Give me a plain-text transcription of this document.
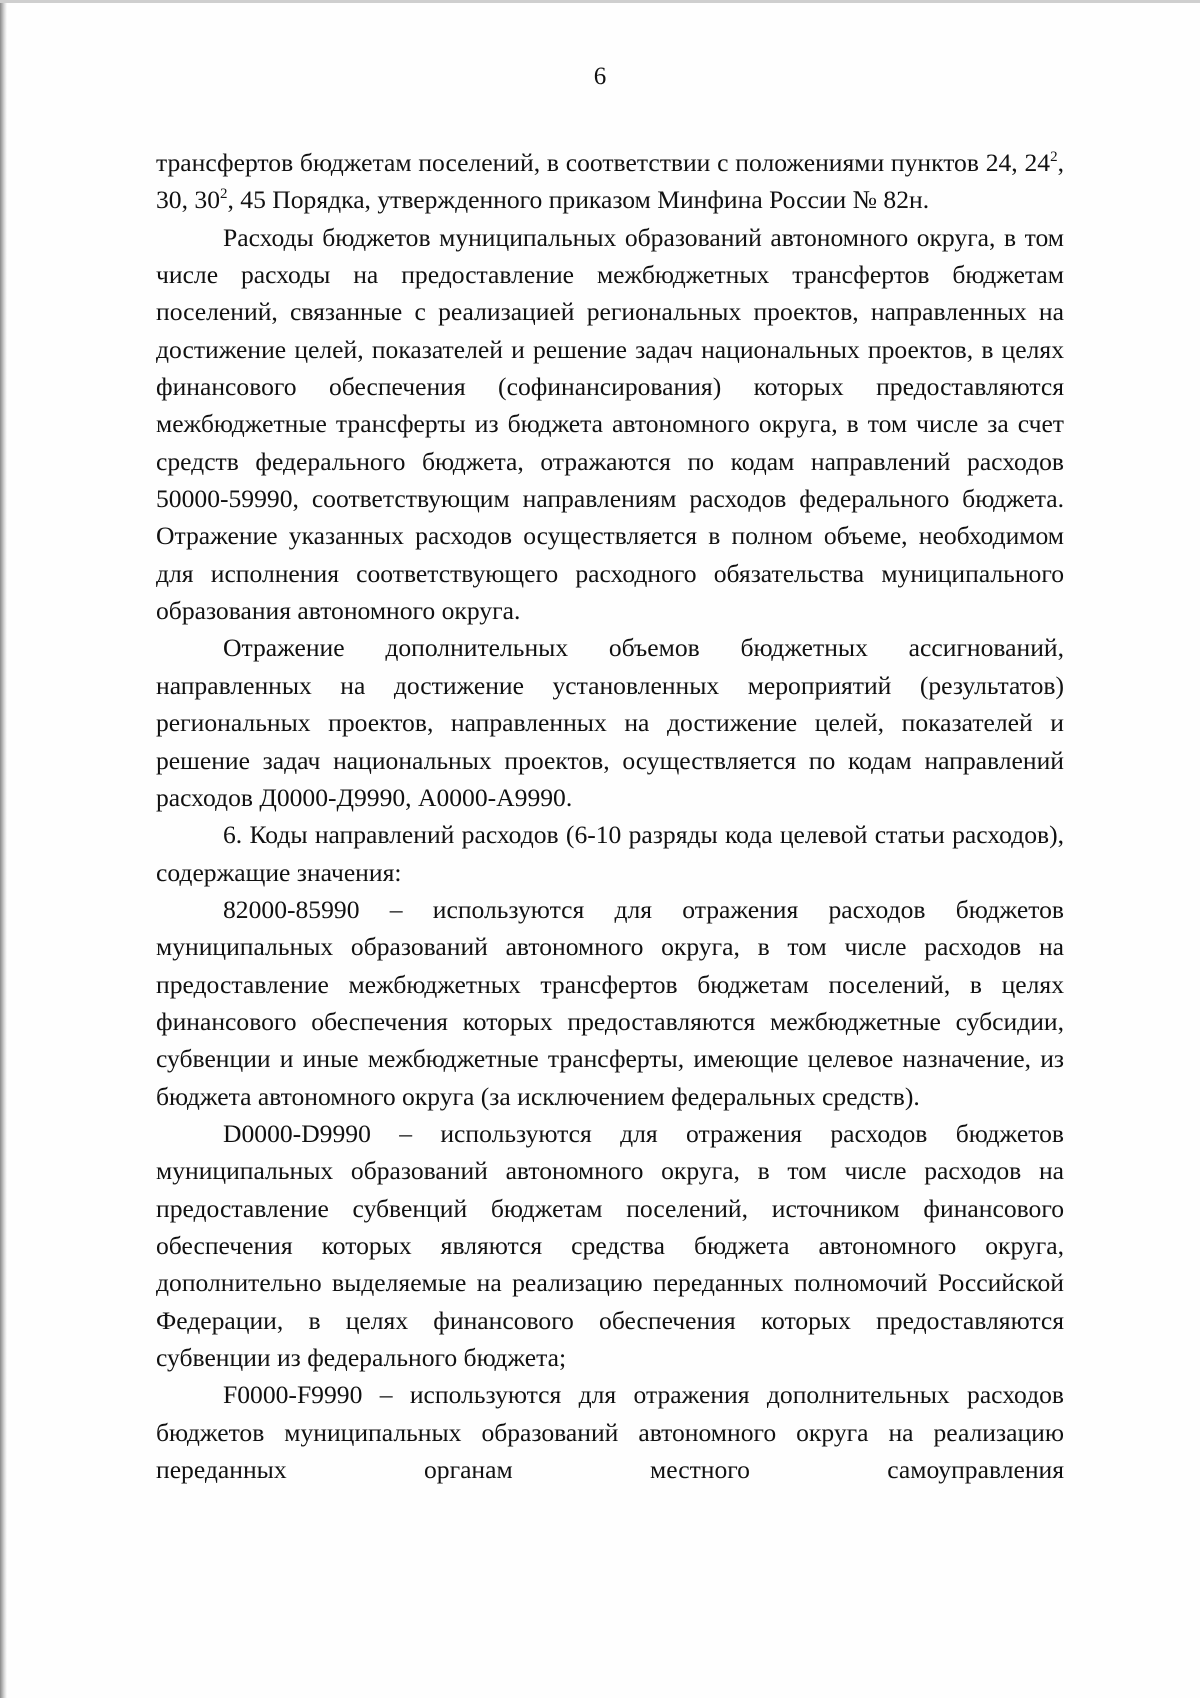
6

трансфертов бюджетам поселений, в соответствии с положениями пунктов 24, $24^2$, 30, $30^2$, 45 Порядка, утвержденного приказом Минфина России № 82н.

Расходы бюджетов муниципальных образований автономного округа, в том числе расходы на предоставление межбюджетных трансфертов бюджетам поселений, связанные с реализацией региональных проектов, направленных на достижение целей, показателей и решение задач национальных проектов, в целях финансового обеспечения (софинансирования) которых предоставляются межбюджетные трансферты из бюджета автономного округа, в том числе за счет средств федерального бюджета, отражаются по кодам направлений расходов 50000-59990, соответствующим направлениям расходов федерального бюджета. Отражение указанных расходов осуществляется в полном объеме, необходимом для исполнения соответствующего расходного обязательства муниципального образования автономного округа.

Отражение дополнительных объемов бюджетных ассигнований, направленных на достижение установленных мероприятий (результатов) региональных проектов, направленных на достижение целей, показателей и решение задач национальных проектов, осуществляется по кодам направлений расходов Д0000-Д9990, А0000-А9990.

6. Коды направлений расходов (6-10 разряды кода целевой статьи расходов), содержащие значения:

82000-85990 – используются для отражения расходов бюджетов муниципальных образований автономного округа, в том числе расходов на предоставление межбюджетных трансфертов бюджетам поселений, в целях финансового обеспечения которых предоставляются межбюджетные субсидии, субвенции и иные межбюджетные трансферты, имеющие целевое назначение, из бюджета автономного округа (за исключением федеральных средств).

D0000-D9990 – используются для отражения расходов бюджетов муниципальных образований автономного округа, в том числе расходов на предоставление субвенций бюджетам поселений, источником финансового обеспечения которых являются средства бюджета автономного округа, дополнительно выделяемые на реализацию переданных полномочий Российской Федерации, в целях финансового обеспечения которых предоставляются субвенции из федерального бюджета;

F0000-F9990 – используются для отражения дополнительных расходов бюджетов муниципальных образований автономного округа на реализацию переданных органам местного самоуправления
